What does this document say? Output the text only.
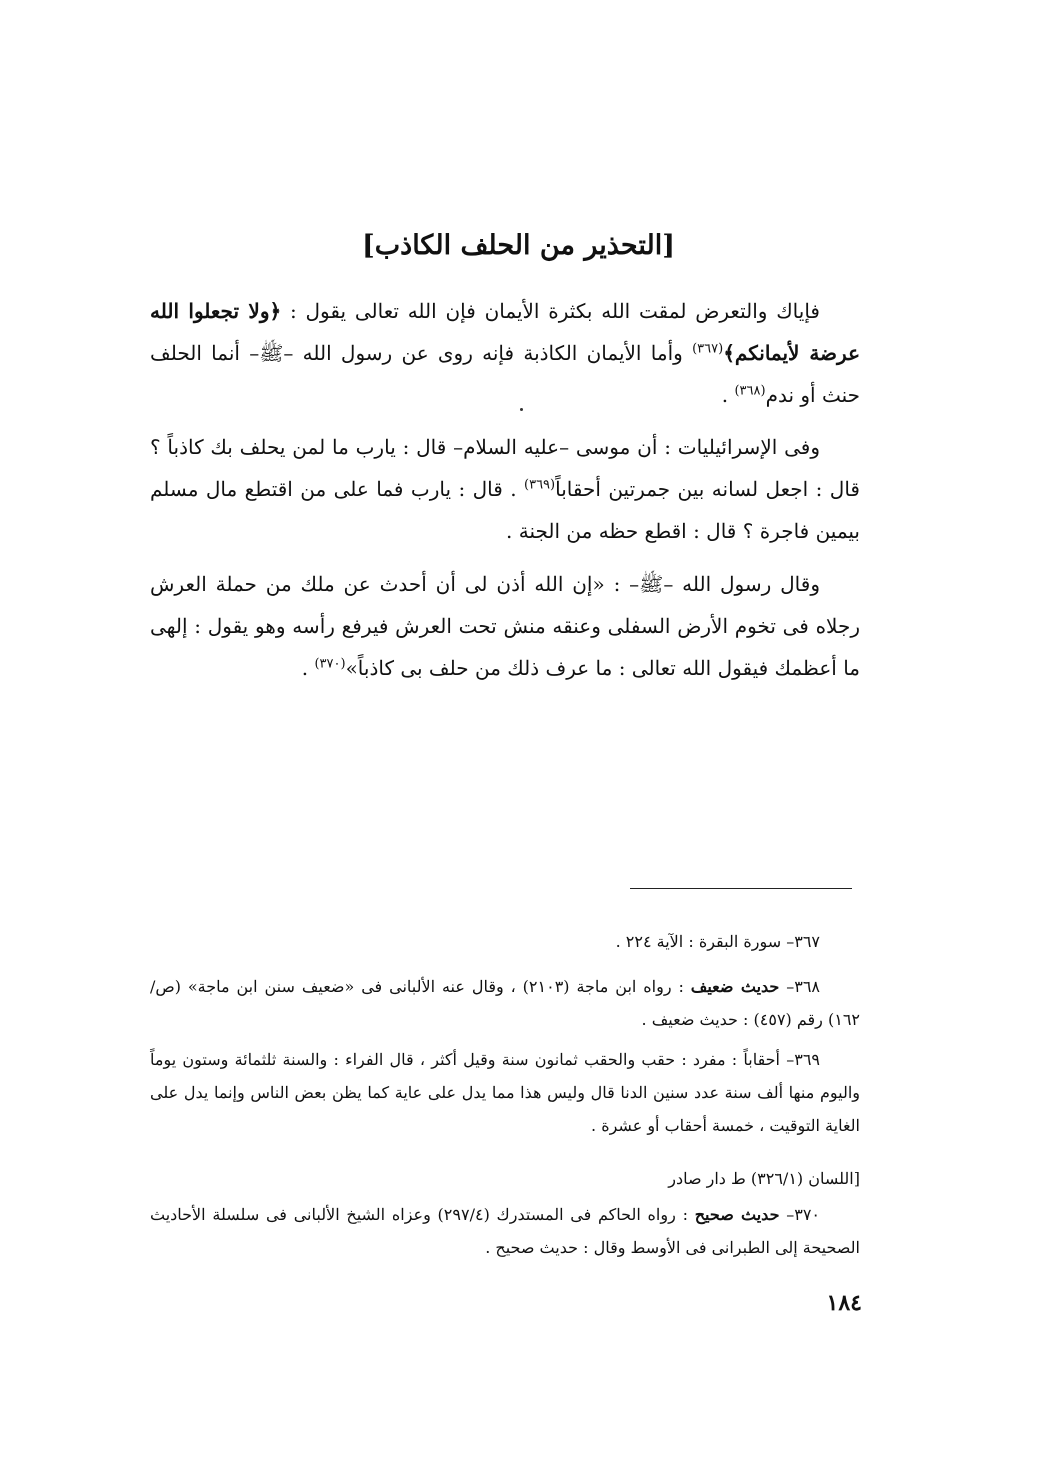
[التحذير من الحلف الكاذب]

فإياك والتعرض لمقت الله بكثرة الأيمان فإن الله تعالى يقول : ﴿ولا تجعلوا الله عرضة لأيمانكم﴾$^{(٣٦٧)}$ وأما الأيمان الكاذبة فإنه روى عن رسول الله –ﷺ– أنما الحلف حنث أو ندم$^{(٣٦٨)}$ .

وفى الإسرائيليات : أن موسى –عليه السلام– قال : يارب ما لمن يحلف بك كاذباً ؟ قال : اجعل لسانه بين جمرتين أحقاباً$^{(٣٦٩)}$ . قال : يارب فما على من اقتطع مال مسلم بيمين فاجرة ؟ قال : اقطع حظه من الجنة .

وقال رسول الله –ﷺ– : «إن الله أذن لى أن أحدث عن ملك من حملة العرش رجلاه فى تخوم الأرض السفلى وعنقه منش تحت العرش فيرفع رأسه وهو يقول : إلهى ما أعظمك فيقول الله تعالى : ما عرف ذلك من حلف بى كاذباً»$^{(٣٧٠)}$ .

٣٦٧– سورة البقرة : الآية ٢٢٤ .

٣٦٨– حديث ضعيف : رواه ابن ماجة (٢١٠٣) ، وقال عنه الألبانى فى «ضعيف سنن ابن ماجة» (ص/١٦٢) رقم (٤٥٧) : حديث ضعيف .

٣٦٩– أحقاباً : مفرد : حقب والحقب ثمانون سنة وقيل أكثر ، قال الفراء : والسنة ثلثمائة وستون يوماً واليوم منها ألف سنة عدد سنين الدنا قال وليس هذا مما يدل على عاية كما يظن بعض الناس وإنما يدل على الغاية التوقيت ، خمسة أحقاب أو عشرة .

[اللسان (٣٢٦/١) ط دار صادر

٣٧٠– حديث صحيح : رواه الحاكم فى المستدرك (٢٩٧/٤) وعزاه الشيخ الألبانى فى سلسلة الأحاديث الصحيحة إلى الطبرانى فى الأوسط وقال : حديث صحيح .

١٨٤
